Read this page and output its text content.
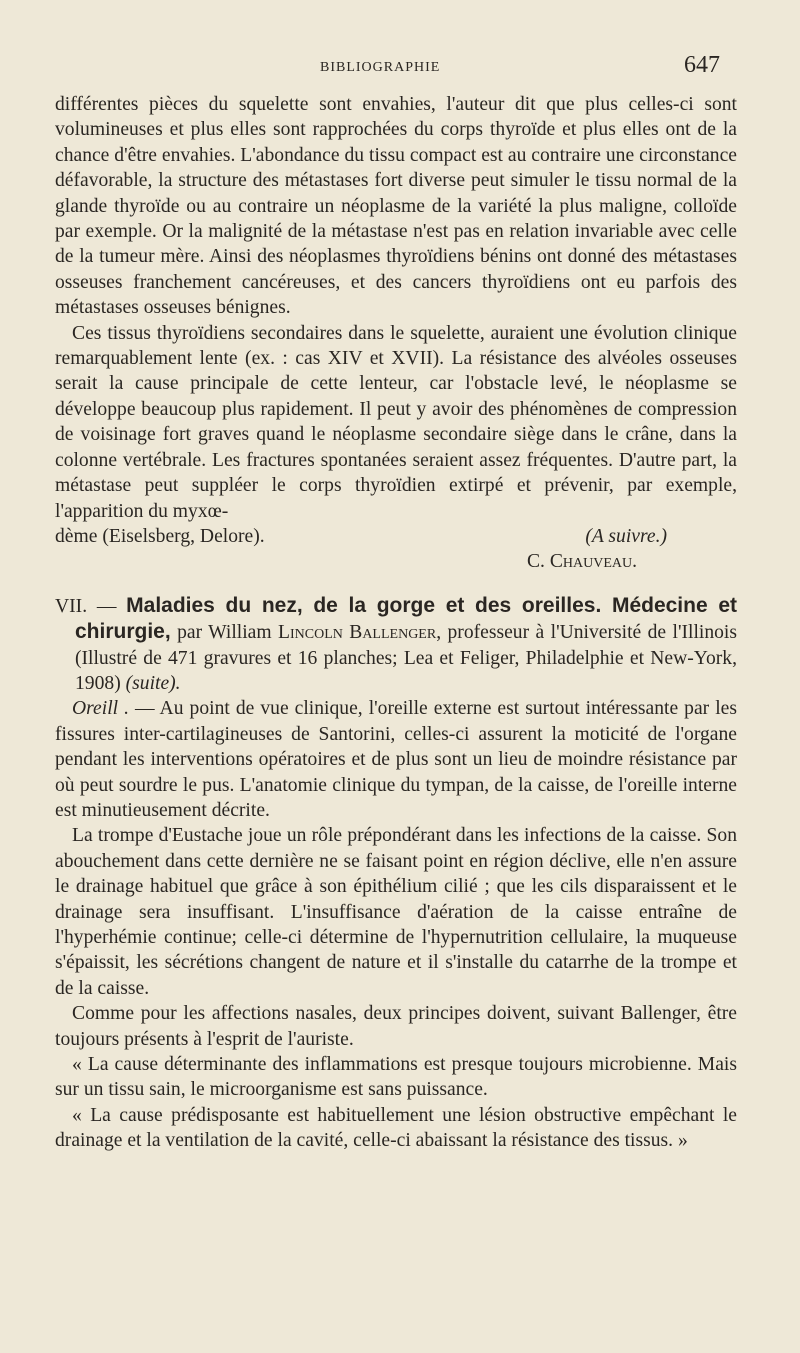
BIBLIOGRAPHIE	647

différentes pièces du squelette sont envahies, l'auteur dit que plus celles-ci sont volumineuses et plus elles sont rapprochées du corps thyroïde et plus elles ont de la chance d'être envahies. L'abondance du tissu compact est au contraire une circonstance défavorable, la structure des métastases fort diverse peut simuler le tissu normal de la glande thyroïde ou au contraire un néoplasme de la variété la plus maligne, colloïde par exemple. Or la malignité de la métastase n'est pas en relation invariable avec celle de la tumeur mère. Ainsi des néoplasmes thyroïdiens bénins ont donné des métastases osseuses franchement cancéreuses, et des cancers thyroïdiens ont eu parfois des métastases osseuses bénignes.

Ces tissus thyroïdiens secondaires dans le squelette, auraient une évolution clinique remarquablement lente (ex. : cas XIV et XVII). La résistance des alvéoles osseuses serait la cause principale de cette lenteur, car l'obstacle levé, le néoplasme se développe beaucoup plus rapidement. Il peut y avoir des phénomènes de compression de voisinage fort graves quand le néoplasme secondaire siège dans le crâne, dans la colonne vertébrale. Les fractures spontanées seraient assez fréquentes. D'autre part, la métastase peut suppléer le corps thyroïdien extirpé et prévenir, par exemple, l'apparition du myxœ-

dème (Eiselsberg, Delore).	(A suivre.)
C. Chauveau.

VII. — Maladies du nez, de la gorge et des oreilles. Médecine et chirurgie, par William Lincoln Ballenger, professeur à l'Université de l'Illinois (Illustré de 471 gravures et 16 planches; Lea et Feliger, Philadelphie et New-York, 1908) (suite).

Oreill . — Au point de vue clinique, l'oreille externe est surtout intéressante par les fissures inter-cartilagineuses de Santorini, celles-ci assurent la moticité de l'organe pendant les interventions opératoires et de plus sont un lieu de moindre résistance par où peut sourdre le pus. L'anatomie clinique du tympan, de la caisse, de l'oreille interne est minutieusement décrite.

La trompe d'Eustache joue un rôle prépondérant dans les infections de la caisse. Son abouchement dans cette dernière ne se faisant point en région déclive, elle n'en assure le drainage habituel que grâce à son épithélium cilié ; que les cils disparaissent et le drainage sera insuffisant. L'insuffisance d'aération de la caisse entraîne de l'hyperhémie continue; celle-ci détermine de l'hypernutrition cellulaire, la muqueuse s'épaissit, les sécrétions changent de nature et il s'installe du catarrhe de la trompe et de la caisse.

Comme pour les affections nasales, deux principes doivent, suivant Ballenger, être toujours présents à l'esprit de l'auriste.

« La cause déterminante des inflammations est presque toujours microbienne. Mais sur un tissu sain, le microorganisme est sans puissance.

« La cause prédisposante est habituellement une lésion obstructive empêchant le drainage et la ventilation de la cavité, celle-ci abaissant la résistance des tissus. »
